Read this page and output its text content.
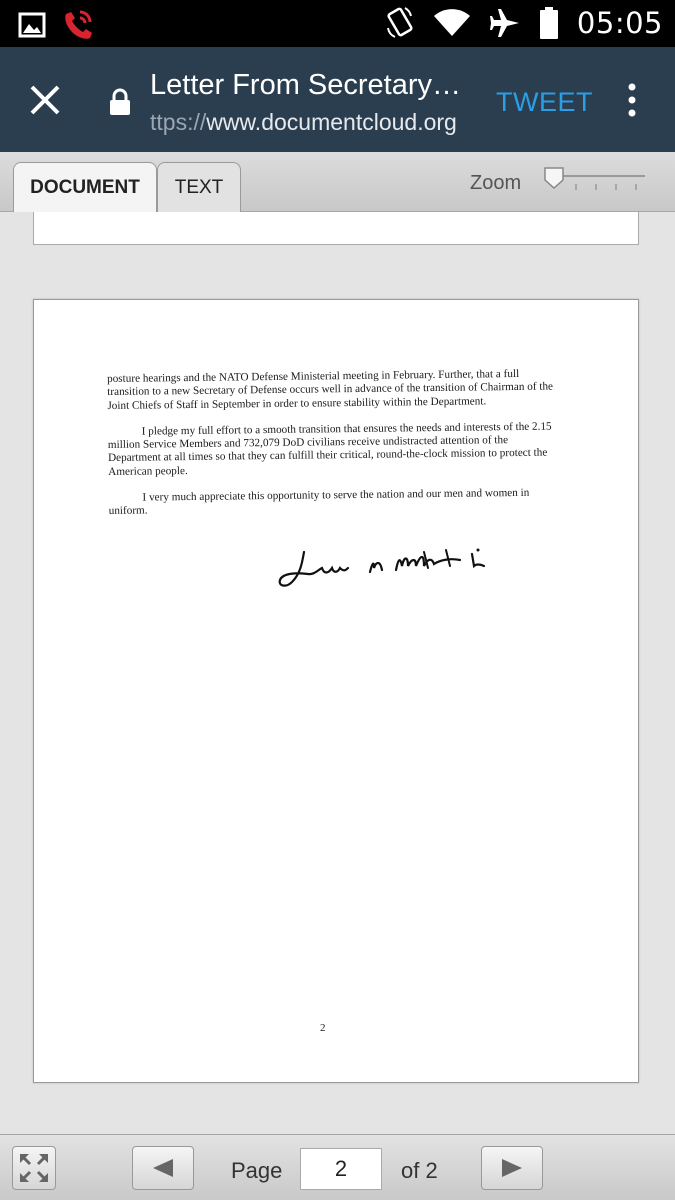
05:05
Letter From Secretary…
ttps://www.documentcloud.org
TWEET
DOCUMENT	TEXT	Zoom

posture hearings and the NATO Defense Ministerial meeting in February. Further, that a full transition to a new Secretary of Defense occurs well in advance of the transition of Chairman of the Joint Chiefs of Staff in September in order to ensure stability within the Department.

I pledge my full effort to a smooth transition that ensures the needs and interests of the 2.15 million Service Members and 732,079 DoD civilians receive undistracted attention of the Department at all times so that they can fulfill their critical, round-the-clock mission to protect the American people.

I very much appreciate this opportunity to serve the nation and our men and women in uniform.

2
Page
2	of 2
